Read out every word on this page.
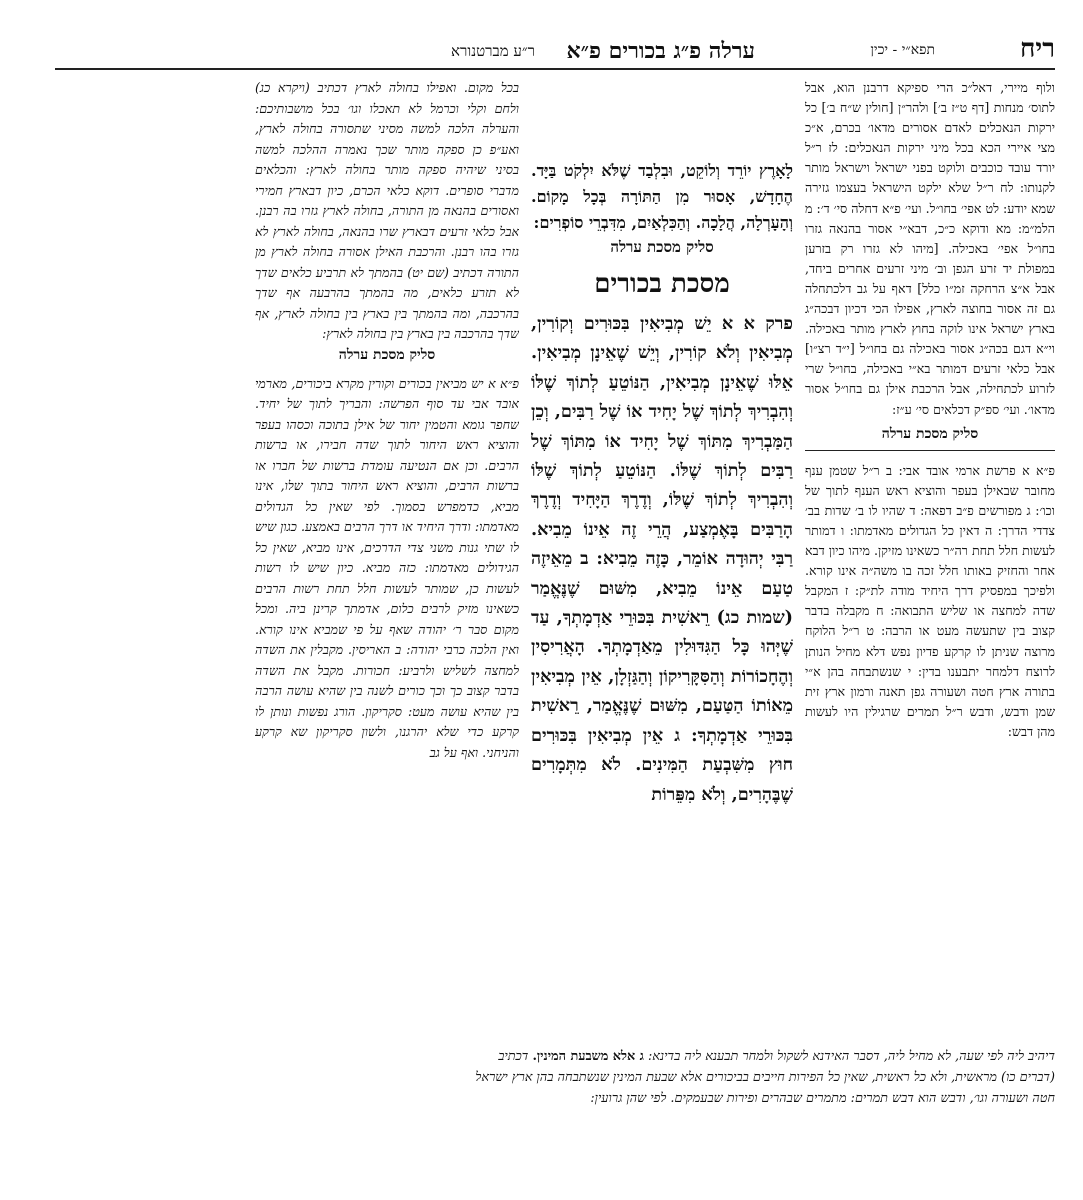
ריח
תפא״י - יכין
ערלה פ״ג בכורים פ״א
ר״ע מברטנורא

ולוף מיירי, דאל״כ הרי ספיקא דרבנן הוא, אבל לתוס׳ מנחות [דף ט״ז ב׳] ולהר״ן [חולין ש״ח ב׳] כל ירקות הנאכלים לאדם אסורים מדאו׳ בכרם, א״כ מצי איירי הכא בכל מיני ירקות הנאכלים: לז ר״ל יורד עובד כוכבים ולוקט בפני ישראל וישראל מותר לקנותו: לח ר״ל שלא ילקט הישראל בעצמו גזירה שמא יודע: לט אפי׳ בחו״ל. ועי׳ פ״א דחלה סי׳ ד׳: מ הלמ״מ: מא ודוקא כ״כ, דבא״י אסור בהנאה גזרו בחו״ל אפי׳ באכילה. [מיהו לא גזרו רק בזרען במפולת יד זרע הגפן וב׳ מיני זרעים אחרים ביחד, אבל א״צ הרחקה זמ״ו כלל] דאף על גב דלכתחלה גם זה אסור בחוצה לארץ, אפילו הכי דכיון דבכה״ג בארץ ישראל אינו לוקה בחוץ לארץ מותר באכילה. וי״א דגם בכה״ג אסור באכילה גם בחו״ל [י״ד רצ״ו] אבל כלאי זרעים דמותר בא״י באכילה, בחו״ל שרי לזרוע לכתחילה, אבל הרכבת אילן גם בחו״ל אסור מדאו׳. ועי׳ ספ״ק דכלאים סי׳ ע״ז:

סליק מסכת ערלה

פ״א א פרשת ארמי אובד אבי: ב ר״ל שטמן ענף מחובר שבאילן בעפר והוציא ראש הענף לתוך של וכו׳: ג מפורשים פ״ב דפאה: ד שהיו לו ב׳ שדות בב׳ צדדי הדרך: ה דאין כל הגדולים מאדמתו: ו דמותר לעשות חלל תחת רה״ר כשאינו מזיקן. מיהו כיון דבא אחר והחזיק באותו חלל זכה בו משה״ה אינו קורא. ולפיכך במפסיק דרך היחיד מודה לת״ק: ז המקבל שדה למחצה או שליש התבואה: ח מקבלה בדבר קצוב בין שתעשה מעט או הרבה: ט ר״ל הלוקח מרוצה שניתן לו קרקע פדיון נפש דלא מחיל הנותן לרוצח דלמחר יתבענו בדין: י שנשתבחה בהן א״י בתורה ארץ חטה ושעורה גפן תאנה ורמון ארץ זית שמן ודבש, ודבש ר״ל תמרים שרגילין היו לעשות מהן דבש:

לָאָרֶץ יוֹרֵד וְלוֹקֵט, וּבִלְבַד שֶׁלֹּא יִלְקֹט בַּיָּד. הֶחָדָשׁ, אָסוּר מִן הַתּוֹרָה בְּכָל מָקוֹם. וְהָעָרְלָה, הֲלָכָה. וְהַכִּלְאַיִם, מִדִּבְרֵי סוֹפְרִים:

סליק מסכת ערלה

מסכת בכורים

פרק א א יֵשׁ מְבִיאִין בִּכּוּרִים וְקוֹרִין, מְבִיאִין וְלֹא קוֹרִין, וְיֵשׁ שֶׁאֵינָן מְבִיאִין. אֵלּוּ שֶׁאֵינָן מְבִיאִין, הַנּוֹטֵעַ לְתוֹךְ שֶׁלּוֹ וְהִבְרִיךְ לְתוֹךְ שֶׁל יָחִיד אוֹ שֶׁל רַבִּים, וְכֵן הַמַּבְרִיךְ מִתּוֹךְ שֶׁל יָחִיד אוֹ מִתּוֹךְ שֶׁל רַבִּים לְתוֹךְ שֶׁלּוֹ. הַנּוֹטֵעַ לְתוֹךְ שֶׁלּוֹ וְהִבְרִיךְ לְתוֹךְ שֶׁלּוֹ, וְדֶרֶךְ הַיָּחִיד וְדֶרֶךְ הָרַבִּים בָּאֶמְצַע, הֲרֵי זֶה אֵינוֹ מֵבִיא. רַבִּי יְהוּדָה אוֹמֵר, כָּזֶה מֵבִיא: ב מֵאֵיזֶה טַעַם אֵינוֹ מֵבִיא, מִשּׁוּם שֶׁנֶּאֱמַר (שמות כג) רֵאשִׁית בִּכּוּרֵי אַדְמָתְךָ, עַד שֶׁיְּהוּ כָּל הַגִּדּוּלִין מֵאַדְמָתְךָ. הָאֲרִיסִין וְהֶחָכוֹרוֹת וְהַסִּקָּרִיקוֹן וְהַגַּזְלָן, אֵין מְבִיאִין מֵאוֹתוֹ הַטַּעַם, מִשּׁוּם שֶׁנֶּאֱמַר, רֵאשִׁית בִּכּוּרֵי אַדְמָתְךָ: ג אֵין מְבִיאִין בִּכּוּרִים חוּץ מִשִּׁבְעַת הַמִּינִים. לֹא מִתְּמָרִים שֶׁבֶּהָרִים, וְלֹא מִפֵּרוֹת

בכל מקום. ואפילו בחולה לארץ דכתיב (ויקרא כג) ולחם וקלי וכרמל לא תאכלו וגו׳ בכל מושבותיכם: והערלה הלכה למשה מסיני שתסורה בחולה לארץ, ואע״פ כן ספקה מותר שכך נאמרה ההלכה למשה בסיני שיהיה ספקה מותר בחולה לארץ: והכלאים מדברי סופרים. דוקא כלאי הכרם, כיון דבארץ חמירי ואסורים בהנאה מן התורה, בחולה לארץ גזרו בה רבנן. אבל כלאי זרעים דבארץ שרו בהנאה, בחולה לארץ לא גזרו בהו רבנן. והרכבת האילן אסורה בחולה לארץ מן התורה דכתיב (שם יט) בהמתך לא תרביע כלאים שדך לא תזרע כלאים, מה בהמתך בהרבעה אף שדך בהרכבה, ומה בהמתך בין בארץ בין בחולה לארץ, אף שדך בהרכבה בין בארץ בין בחולה לארץ:

סליק מסכת ערלה

פ״א א יש מביאין בכורים וקורין מקרא ביכורים, מארמי אובד אבי עד סוף הפרשה: והבריך לתוך של יחיד. שחפר גומא והטמין יחור של אילן בתוכה וכסהו בעפר והוציא ראש היחור לתוך שדה חבירו, או ברשות הרבים. וכן אם הנטיעה עומדת ברשות של חברו או ברשות הרבים, והוציא ראש היחור בתוך שלו, אינו מביא, כדמפרש בסמוך. לפי שאין כל הגדולים מאדמתו: ודרך היחיד או דרך הרבים באמצע. כגון שיש לו שתי גנות משני צדי הדרכים, אינו מביא, שאין כל הגידולים מאדמתו: כזה מביא. כיון שיש לו רשות לעשות כן, שמותר לעשות חלל תחת רשות הרבים כשאינו מזיק לרבים כלום, אדמתך קרינן ביה. ומכל מקום סבר ר׳ יהודה שאף על פי שמביא אינו קורא. ואין הלכה כרבי יהודה: ב האריסין. מקבלין את השדה למחצה לשליש ולרביע: חכורות. מקבל את השדה בדבר קצוב כך וכך כורים לשנה בין שהיא עושה הרבה בין שהיא עושה מעט: סקריקון. הורג נפשות ונותן לו קרקע כדי שלא יהרגנו, ולשון סקריקון שא קרקע והניחני. ואף על גב

דיהיב ליה לפי שעה, לא מחיל ליה, דסבר האידנא לשקול ולמחר תבענא ליה בדינא: ג אלא משבעת המינין. דכתיב

(דברים כו) מראשית, ולא כל ראשית, שאין כל הפירות חייבים בביכורים אלא שבעת המינין שנשתבחה בהן ארץ ישראל

חטה ושעורה וגו׳, ודבש הוא דבש תמרים: מתמרים שבהרים ופירות שבעמקים. לפי שהן גרועין:
